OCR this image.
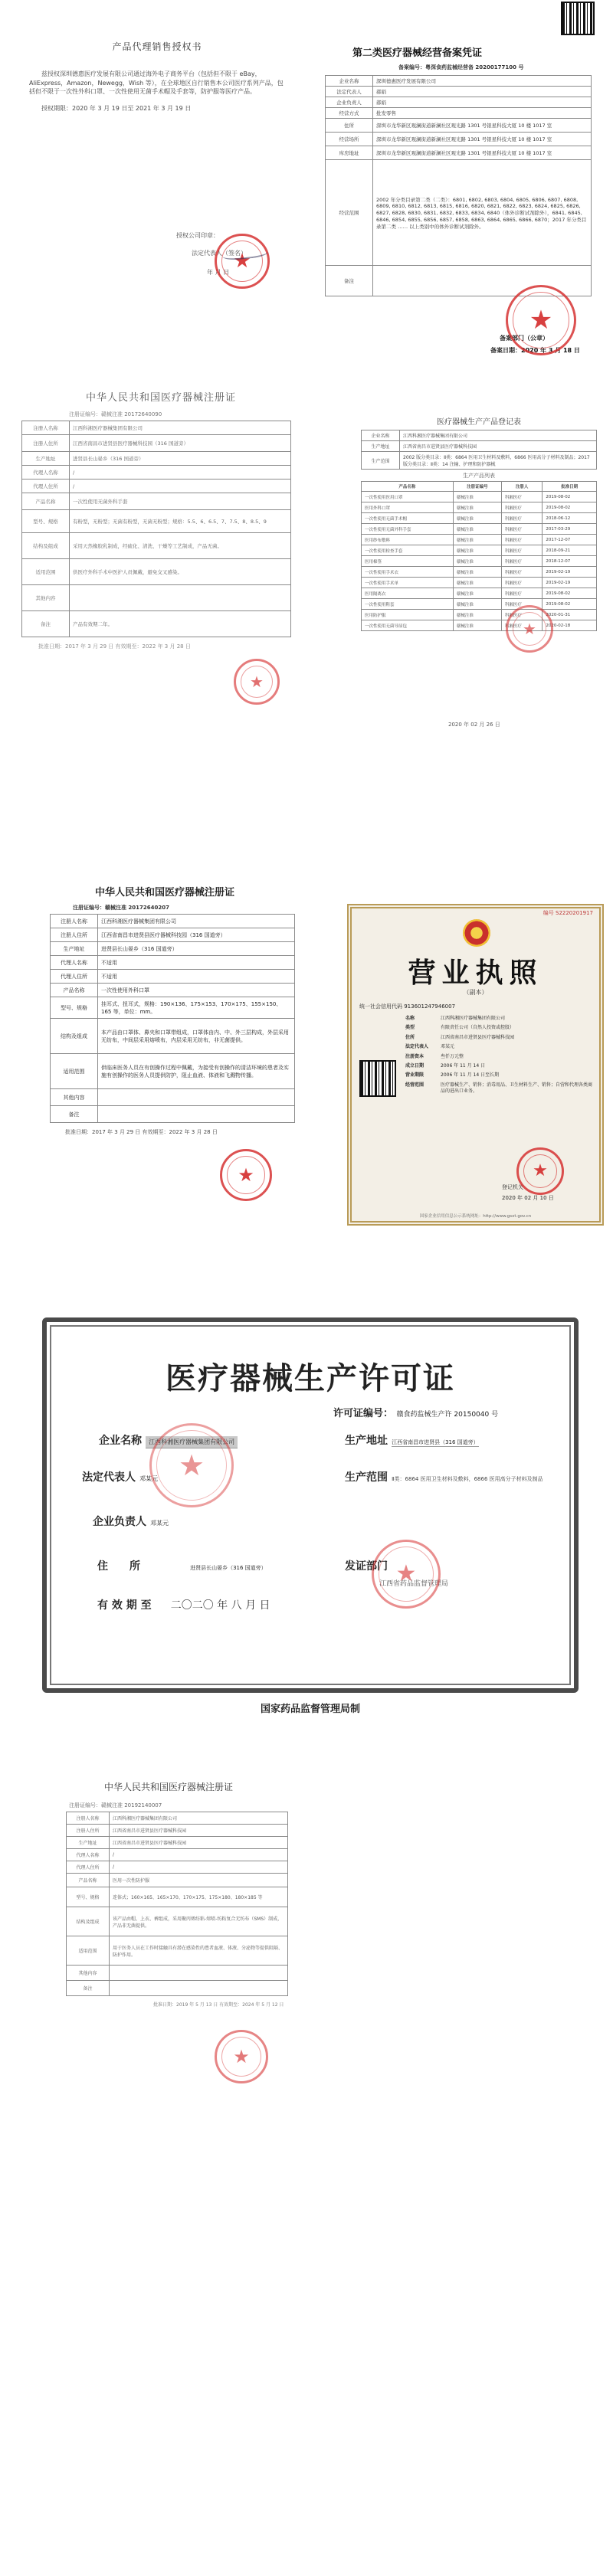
产品代理销售授权书

兹授权深圳德惠医疗发展有限公司通过海外电子商务平台（包括但不限于 eBay，AliExpress，Amazon，Newegg，Wish 等），在全球地区自行销售本公司医疗系列产品，包括但不限于一次性外科口罩、一次性使用无菌手术帽及手套等，防护服等医疗产品。

授权期限：2020 年 3 月 19 日至 2021 年 3 月 19 日

授权公司印章：
法定代表人（签名）
年 月 日 ★
第二类医疗器械经营备案凭证
备案编号：粤深食药监械经营备 20200177100 号
企业名称	深圳德惠医疗发展有限公司
法定代表人	郝娟
企业负责人	郝娟
经营方式	批发零售
住所	深圳市龙华新区观澜街道新澜社区观光路 1301 号银星科技大厦 10 楼 1017 室
经营场所	深圳市龙华新区观澜街道新澜社区观光路 1301 号银星科技大厦 10 楼 1017 室
库房地址	深圳市龙华新区观澜街道新澜社区观光路 1301 号银星科技大厦 10 楼 1017 室
经营范围	2002 年分类目录第二类（二类）：6801, 6802, 6803, 6804, 6805, 6806, 6807, 6808, 6809, 6810, 6812, 6813, 6815, 6816, 6820, 6821, 6822, 6823, 6824, 6825, 6826, 6827, 6828, 6830, 6831, 6832, 6833, 6834, 6840（体外诊断试剂除外），6841, 6845, 6846, 6854, 6855, 6856, 6857, 6858, 6863, 6864, 6865, 6866, 6870；2017 年分类目录第二类 …… 以上类别中的体外诊断试剂除外。
备注	
备案部门（公章）
备案日期：2020 年 3 月 18 日
★
中华人民共和国医疗器械注册证
注册证编号：赣械注准 20172640090
注册人名称	江西科湘医疗器械集团有限公司
注册人住所	江西省南昌市进贤县医疗器械科技园（316 国道旁）
生产地址	进贤县长山晏乡（316 国道旁）
代理人名称	/
代理人住所	/
产品名称	一次性使用无菌外科手套
型号、规格	有粉型，无粉型；无菌有粉型，无菌无粉型；规格：5.5、6、6.5、7、7.5、8、8.5、9
结构及组成	采用天然橡胶乳制成，经硫化、清洗、干燥等工艺制成，产品无菌。
适用范围	供医疗外科手术中医护人员佩戴，避免交叉感染。
其他内容	
备注	产品有效期二年。
批准日期：2017 年 3 月 29 日 有效期至：2022 年 3 月 28 日
★
医疗器械生产产品登记表
企业名称	江西科湘医疗器械集团有限公司
生产地址	江西省南昌市进贤县医疗器械科技园
生产范围	2002 版分类目录：Ⅱ类：6864 医用卫生材料及敷料，6866 医用高分子材料及制品；2017 版分类目录：Ⅱ类：14 注输、护理和防护器械
生产产品列表
产品名称	注册证编号	注册人	批准日期
一次性使用医用口罩	赣械注准	科湘医疗	2019-08-02
医用外科口罩	赣械注准	科湘医疗	2019-08-02
一次性使用无菌手术帽	赣械注准	科湘医疗	2018-06-12
一次性使用无菌外科手套	赣械注准	科湘医疗	2017-03-29
医用纱布敷料	赣械注准	科湘医疗	2017-12-07
一次性使用检查手套	赣械注准	科湘医疗	2018-09-21
医用棉签	赣械注准	科湘医疗	2018-12-07
一次性使用手术衣	赣械注准	科湘医疗	2019-02-19
一次性使用手术单	赣械注准	科湘医疗	2019-02-19
医用隔离衣	赣械注准	科湘医疗	2019-08-02
一次性使用鞋套	赣械注准	科湘医疗	2019-08-02
医用防护服	赣械注准	科湘医疗	2020-01-31
一次性使用无菌导尿包	赣械注准	科湘医疗	2020-02-18
2020 年 02 月 26 日
★
中华人民共和国医疗器械注册证
注册证编号：赣械注准 20172640207
注册人名称	江西科湘医疗器械集团有限公司
注册人住所	江西省南昌市进贤县医疗器械科技园（316 国道旁）
生产地址	进贤县长山晏乡（316 国道旁）
代理人名称	不适用
代理人住所	不适用
产品名称	一次性使用外科口罩
型号、规格	挂耳式、扭耳式，规格：190×136、175×153、170×175、155×150、165 等，单位：mm。
结构及组成	本产品由口罩体、鼻夹和口罩带组成，口罩体由内、中、外三层构成，外层采用无纺布，中间层采用熔喷布，内层采用无纺布，非无菌提供。
适用范围	供临床医务人员在有创操作过程中佩戴，为接受有创操作的清洁环境的患者及实施有创操作的医务人员提供防护，阻止血液、体液和飞溅物传播。
其他内容	
备注	
批准日期：2017 年 3 月 29 日 有效期至：2022 年 3 月 28 日
★
编号 S2220201917
营业执照
（副本）
统一社会信用代码 913601247946007
名称	江西科湘医疗器械集团有限公司
类型	有限责任公司（自然人投资或控股）
住所	江西省南昌市进贤县医疗器械科技园
法定代表人	邓某元
注册资本	叁仟万元整
成立日期	2006 年 11 月 14 日
营业期限	2006 年 11 月 14 日至长期
经营范围	医疗器械生产、销售；消毒用品、卫生材料生产、销售；自营和代理各类商品的进出口业务。
登记机关
2020 年 02 月 10 日
★
国家企业信用信息公示系统网址：http://www.gsxt.gov.cn
医疗器械生产许可证
许可证编号： 赣食药监械生产许 20150040 号
企业名称 江西科湘医疗器械集团有限公司	生产地址 江西省南昌市进贤县（316 国道旁）
法定代表人 邓某元	生产范围 Ⅱ类：6864 医用卫生材料及敷料，6866 医用高分子材料及制品
企业负责人 邓某元
住　　所	进贤县长山晏乡（316 国道旁）	发证部门
江西省药品监督管理局
有 效 期 至 二〇二〇 年 八 月 日
★
★
国家药品监督管理局制
中华人民共和国医疗器械注册证
注册证编号：赣械注准 20192140007
注册人名称	江西科湘医疗器械集团有限公司
注册人住所	江西省南昌市进贤县医疗器械科技园
生产地址	江西省南昌市进贤县医疗器械科技园
代理人名称	/
代理人住所	/
产品名称	医用一次性防护服
型号、规格	连体式；160×165、165×170、170×175、175×180、180×185 等
结构及组成	该产品由帽、上衣、裤组成，采用聚丙烯纺粘-熔喷-纺粘复合无纺布（SMS）制成，产品非无菌提供。
适用范围	用于医务人员在工作时接触具有潜在感染性的患者血液、体液、分泌物等提供阻隔、防护作用。
其他内容	
备注	
批准日期：2019 年 5 月 13 日 有效期至：2024 年 5 月 12 日
★
